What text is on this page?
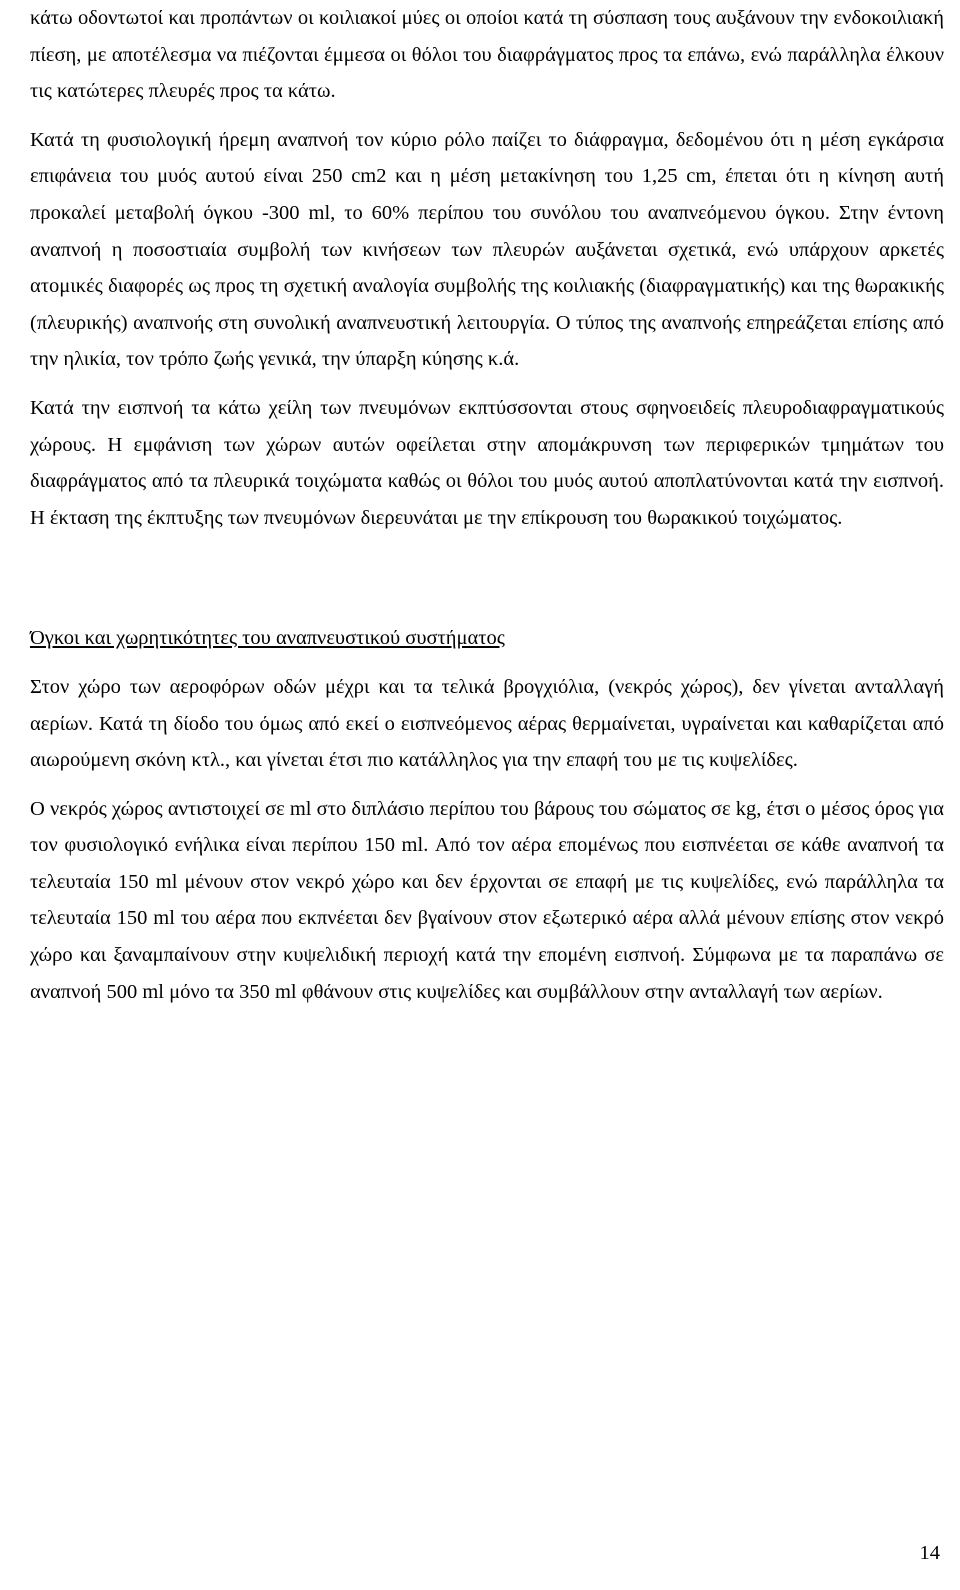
κάτω οδοντωτοί και προπάντων οι κοιλιακοί μύες οι οποίοι κατά τη σύσπαση τους αυξάνουν την ενδοκοιλιακή πίεση, με αποτέλεσμα να πιέζονται έμμεσα οι θόλοι του διαφράγματος προς τα επάνω, ενώ παράλληλα έλκουν τις κατώτερες πλευρές προς τα κάτω.

Κατά τη φυσιολογική ήρεμη αναπνοή τον κύριο ρόλο παίζει το διάφραγμα, δεδομένου ότι η μέση εγκάρσια επιφάνεια του μυός αυτού είναι 250 cm2 και η μέση μετακίνηση του 1,25 cm, έπεται ότι η κίνηση αυτή προκαλεί μεταβολή όγκου -300 ml, το 60% περίπου του συνόλου του αναπνεόμενου όγκου. Στην έντονη αναπνοή η ποσοστιαία συμβολή των κινήσεων των πλευρών αυξάνεται σχετικά, ενώ υπάρχουν αρκετές ατομικές διαφορές ως προς τη σχετική αναλογία συμβολής της κοιλιακής (διαφραγματικής) και της θωρακικής (πλευρικής) αναπνοής στη συνολική αναπνευστική λειτουργία. Ο τύπος της αναπνοής επηρεάζεται επίσης από την ηλικία, τον τρόπο ζωής γενικά, την ύπαρξη κύησης κ.ά.

Κατά την εισπνοή τα κάτω χείλη των πνευμόνων εκπτύσσονται στους σφηνοειδείς πλευροδιαφραγματικούς χώρους. Η εμφάνιση των χώρων αυτών οφείλεται στην απομάκρυνση των περιφερικών τμημάτων του διαφράγματος από τα πλευρικά τοιχώματα καθώς οι θόλοι του μυός αυτού αποπλατύνονται κατά την εισπνοή. Η έκταση της έκπτυξης των πνευμόνων διερευνάται με την επίκρουση του θωρακικού τοιχώματος.

Όγκοι και χωρητικότητες του αναπνευστικού συστήματος

Στον χώρο των αεροφόρων οδών μέχρι και τα τελικά βρογχιόλια, (νεκρός χώρος), δεν γίνεται ανταλλαγή αερίων. Κατά τη δίοδο του όμως από εκεί ο εισπνεόμενος αέρας θερμαίνεται, υγραίνεται και καθαρίζεται από αιωρούμενη σκόνη κτλ., και γίνεται έτσι πιο κατάλληλος για την επαφή του με τις κυψελίδες.

Ο νεκρός χώρος αντιστοιχεί σε ml στο διπλάσιο περίπου του βάρους του σώματος σε kg, έτσι ο μέσος όρος για τον φυσιολογικό ενήλικα είναι περίπου 150 ml. Από τον αέρα επομένως που εισπνέεται σε κάθε αναπνοή τα τελευταία 150 ml μένουν στον νεκρό χώρο και δεν έρχονται σε επαφή με τις κυψελίδες, ενώ παράλληλα τα τελευταία 150 ml του αέρα που εκπνέεται δεν βγαίνουν στον εξωτερικό αέρα αλλά μένουν επίσης στον νεκρό χώρο και ξαναμπαίνουν στην κυψελιδική περιοχή κατά την επομένη εισπνοή. Σύμφωνα με τα παραπάνω σε αναπνοή 500 ml μόνο τα 350 ml φθάνουν στις κυψελίδες και συμβάλλουν στην ανταλλαγή των αερίων.

14
